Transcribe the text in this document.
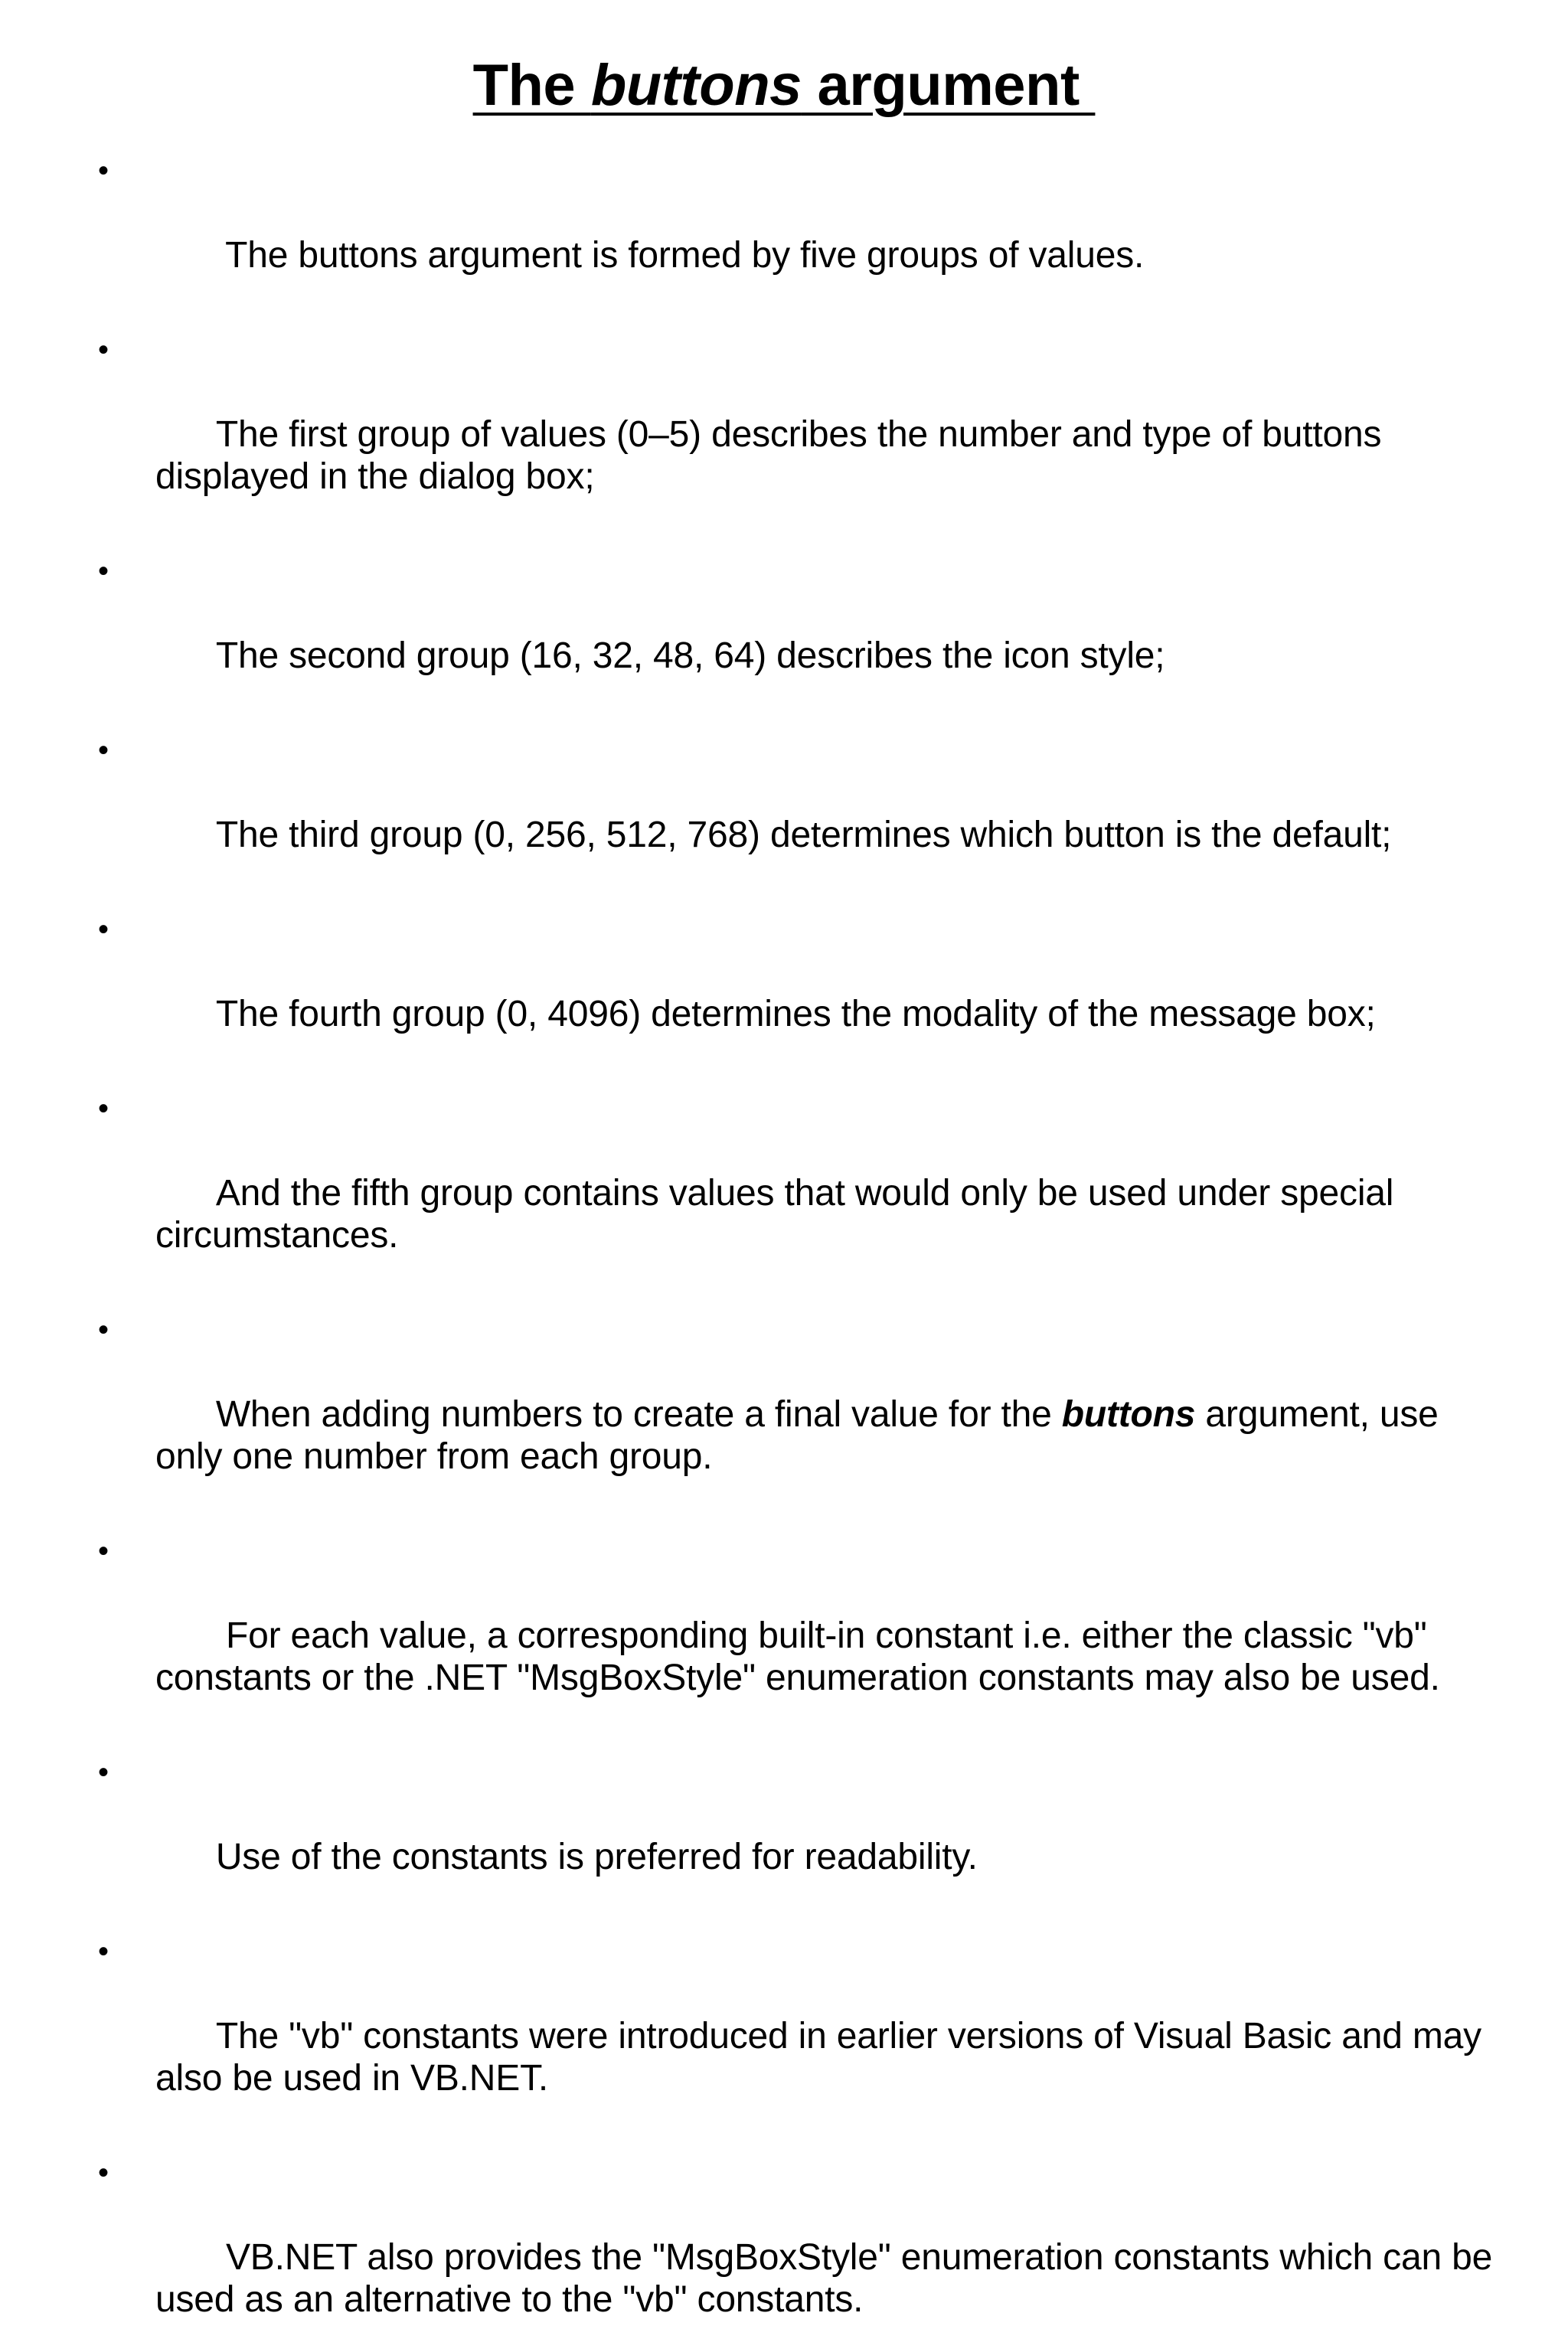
The buttons argument

•

The buttons argument is formed by five groups of values.

•

The first group of values (0–5) describes the number and type of buttons displayed in the dialog box;

•

The second group (16, 32, 48, 64) describes the icon style;

•

The third group (0, 256, 512, 768) determines which button is the default;

•

The fourth group (0, 4096) determines the modality of the message box;

•

And the fifth group contains values that would only be used under special circumstances.

•

When adding numbers to create a final value for the buttons argument, use only one number from each group.

•

For each value, a corresponding built-in constant i.e. either the classic "vb" constants or the .NET "MsgBoxStyle" enumeration constants may also be used.

•

Use of the constants is preferred for readability.

•

The "vb" constants were introduced in earlier versions of Visual Basic and may also be used in VB.NET.

•

VB.NET also provides the "MsgBoxStyle" enumeration constants which can be used as an alternative to the "vb" constants.
